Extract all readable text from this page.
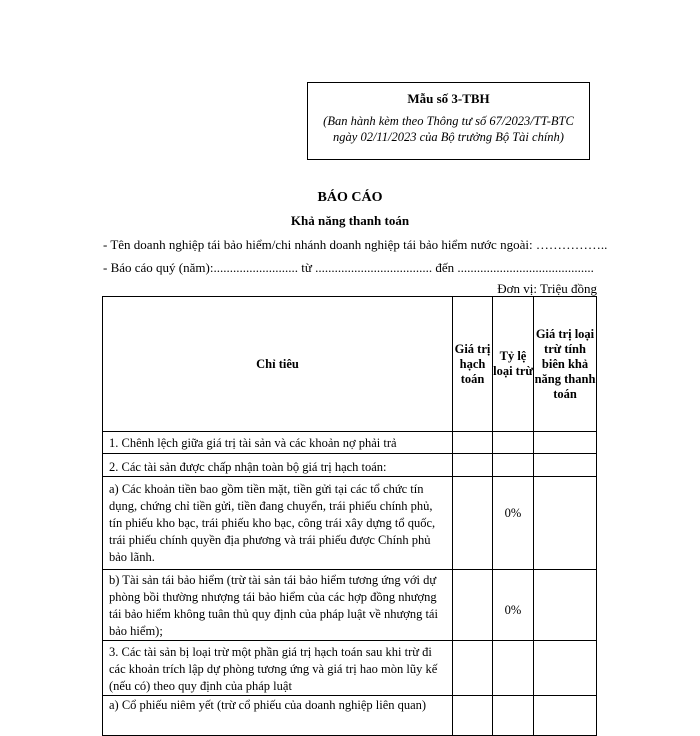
Mẫu số 3-TBH
(Ban hành kèm theo Thông tư số 67/2023/TT-BTC ngày 02/11/2023 của Bộ trưởng Bộ Tài chính)
BÁO CÁO
Khả năng thanh toán
- Tên doanh nghiệp tái bảo hiểm/chi nhánh doanh nghiệp tái bảo hiểm nước ngoài: ……………..
- Báo cáo quý (năm):.......................... từ .................................... đến ..........................................
Đơn vị: Triệu đồng
Chỉ tiêu	Giá trị hạch toán	Tỷ lệ loại trừ	Giá trị loại trừ tính biên khả năng thanh toán
1. Chênh lệch giữa giá trị tài sản và các khoản nợ phải trả			
2. Các tài sản được chấp nhận toàn bộ giá trị hạch toán:			
a) Các khoản tiền bao gồm tiền mặt, tiền gửi tại các tổ chức tín dụng, chứng chỉ tiền gửi, tiền đang chuyển, trái phiếu chính phủ, tín phiếu kho bạc, trái phiếu kho bạc, công trái xây dựng tổ quốc, trái phiếu chính quyền địa phương và trái phiếu được Chính phủ bảo lãnh.		0%	
b) Tài sản tái bảo hiểm (trừ tài sản tái bảo hiểm tương ứng với dự phòng bồi thường nhượng tái bảo hiểm của các hợp đồng nhượng tái bảo hiểm không tuân thủ quy định của pháp luật về nhượng tái bảo hiểm);		0%	
3. Các tài sản bị loại trừ một phần giá trị hạch toán sau khi trừ đi các khoản trích lập dự phòng tương ứng và giá trị hao mòn lũy kế (nếu có) theo quy định của pháp luật			
a) Cổ phiếu niêm yết (trừ cổ phiếu của doanh nghiệp liên quan)			
